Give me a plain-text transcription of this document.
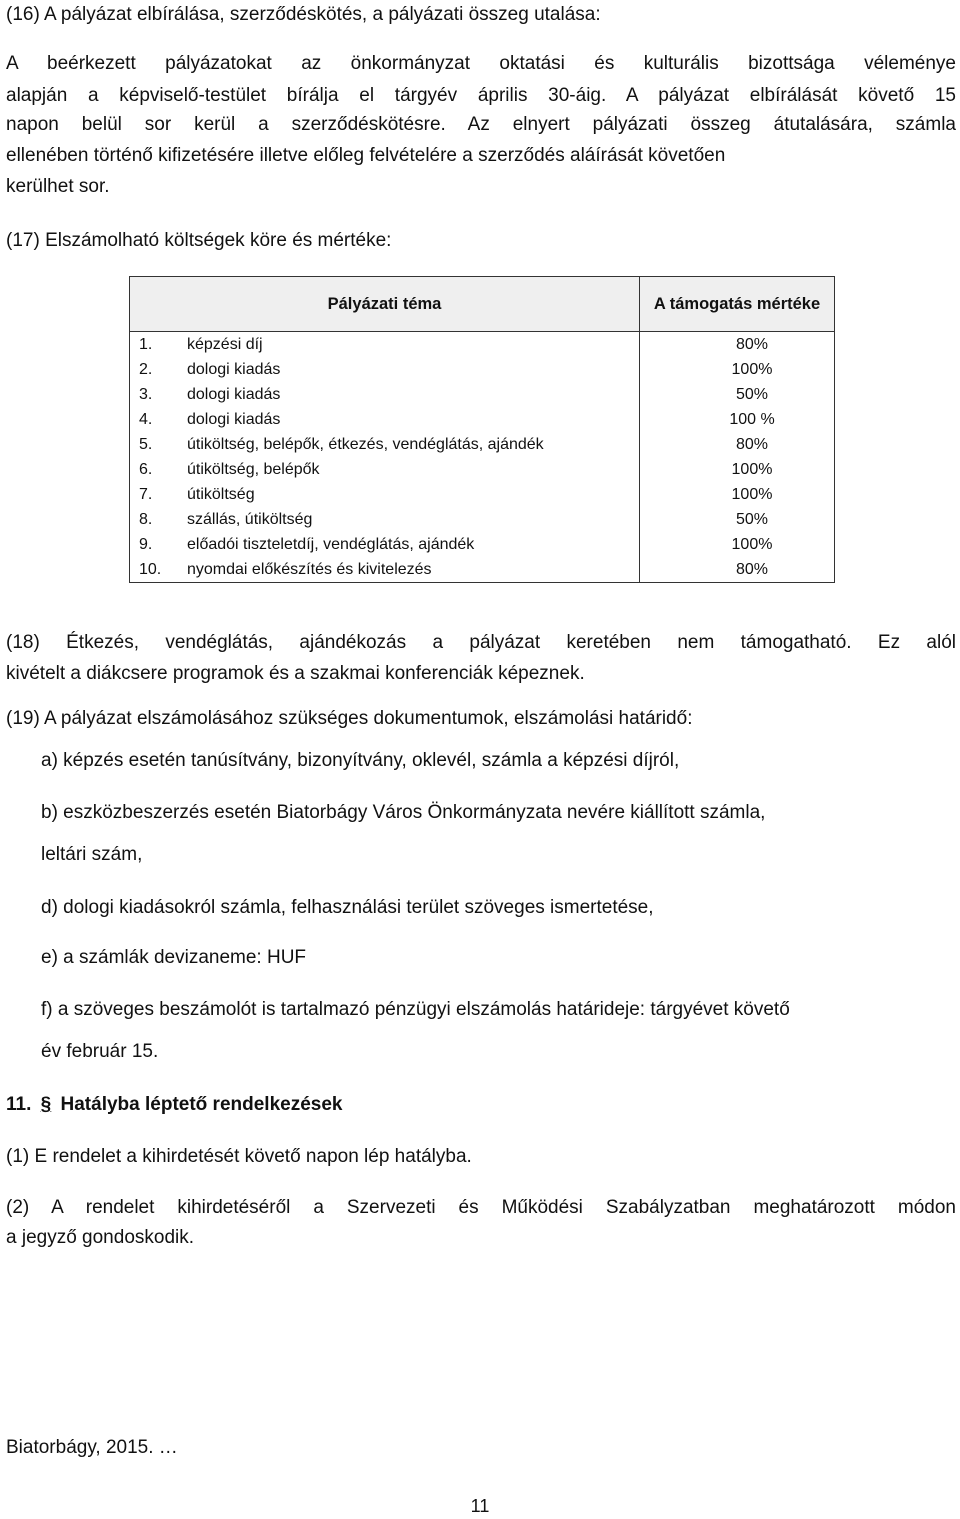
(16) A pályázat elbírálása, szerződéskötés, a pályázati összeg utalása:

A beérkezett pályázatokat az önkormányzat oktatási és kulturális bizottsága véleménye

alapján a képviselő-testület bírálja el tárgyév április 30-áig. A pályázat elbírálását követő 15

napon belül sor kerül a szerződéskötésre. Az elnyert pályázati összeg átutalására, számla

ellenében történő kifizetésére illetve előleg felvételére a szerződés aláírását követően

kerülhet sor.

(17) Elszámolható költségek köre és mértéke:

Pályázati téma		A támogatás mértéke
1.	képzési díj	80%
2.	dologi kiadás	100%
3.	dologi kiadás	50%
4.	dologi kiadás	100 %
5.	útiköltség, belépők, étkezés, vendéglátás, ajándék	80%
6.	útiköltség, belépők	100%
7.	útiköltség	100%
8.	szállás, útiköltség	50%
9.	előadói tiszteletdíj, vendéglátás, ajándék	100%
10.	nyomdai előkészítés és kivitelezés	80%

(18) Étkezés, vendéglátás, ajándékozás a pályázat keretében nem támogatható. Ez alól

kivételt a diákcsere programok és a szakmai konferenciák képeznek.

(19) A pályázat elszámolásához szükséges dokumentumok, elszámolási határidő:

a) képzés esetén tanúsítvány, bizonyítvány, oklevél, számla a képzési díjról,

b) eszközbeszerzés esetén Biatorbágy Város Önkormányzata nevére kiállított számla,

leltári szám,

d) dologi kiadásokról számla, felhasználási terület szöveges ismertetése,

e) a számlák devizaneme: HUF

f) a szöveges beszámolót is tartalmazó pénzügyi elszámolás határideje: tárgyévet követő

év február 15.

11. § Hatályba léptető rendelkezések

(1) E rendelet a kihirdetését követő napon lép hatályba.

(2) A rendelet kihirdetéséről a Szervezeti és Működési Szabályzatban meghatározott módon

a jegyző gondoskodik.

Biatorbágy, 2015. …

11
